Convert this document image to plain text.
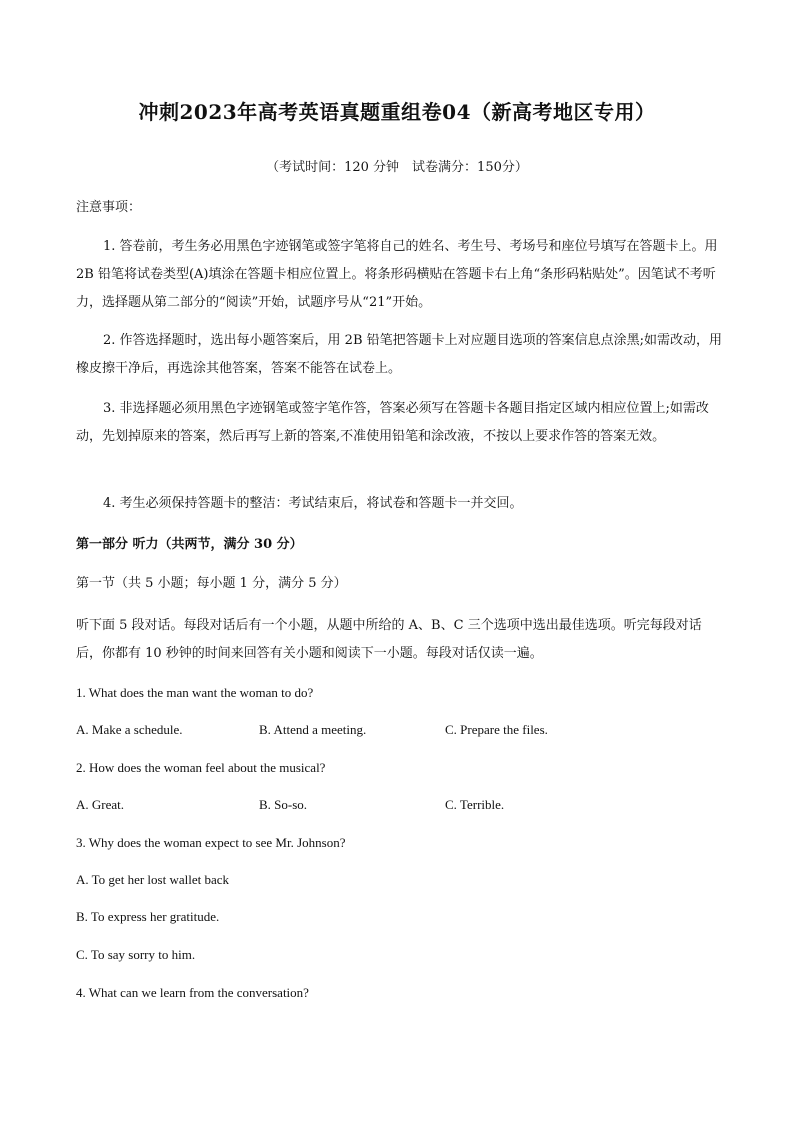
冲刺2023年高考英语真题重组卷04（新高考地区专用）
（考试时间：120 分钟　试卷满分：150分）
注意事项：
1. 答卷前，考生务必用黑色字迹钢笔或签字笔将自己的姓名、考生号、考场号和座位号填写在答题卡上。用 2B 铅笔将试卷类型(A)填涂在答题卡相应位置上。将条形码横贴在答题卡右上角“条形码粘贴处”。因笔试不考听力，选择题从第二部分的“阅读”开始，试题序号从“21”开始。
2. 作答选择题时，选出每小题答案后，用 2B 铅笔把答题卡上对应题目选项的答案信息点涂黑;如需改动，用橡皮擦干净后，再选涂其他答案，答案不能答在试卷上。
3. 非选择题必须用黑色字迹钢笔或签字笔作答，答案必须写在答题卡各题目指定区域内相应位置上;如需改动，先划掉原来的答案，然后再写上新的答案,不准使用铅笔和涂改液，不按以上要求作答的答案无效。
4. 考生必须保持答题卡的整洁：考试结束后，将试卷和答题卡一并交回。
第一部分 听力（共两节，满分 30 分）
第一节（共 5 小题；每小题 1 分，满分 5 分）
听下面 5 段对话。每段对话后有一个小题，从题中所给的 A、B、C 三个选项中选出最佳选项。听完每段对话后，你都有 10 秒钟的时间来回答有关小题和阅读下一小题。每段对话仅读一遍。
1. What does the man want the woman to do?
A. Make a schedule.	B. Attend a meeting.	C. Prepare the files.
2. How does the woman feel about the musical?
A. Great.	B. So-so.	C. Terrible.
3. Why does the woman expect to see Mr. Johnson?
A. To get her lost wallet back
B. To express her gratitude.
C. To say sorry to him.
4. What can we learn from the conversation?
